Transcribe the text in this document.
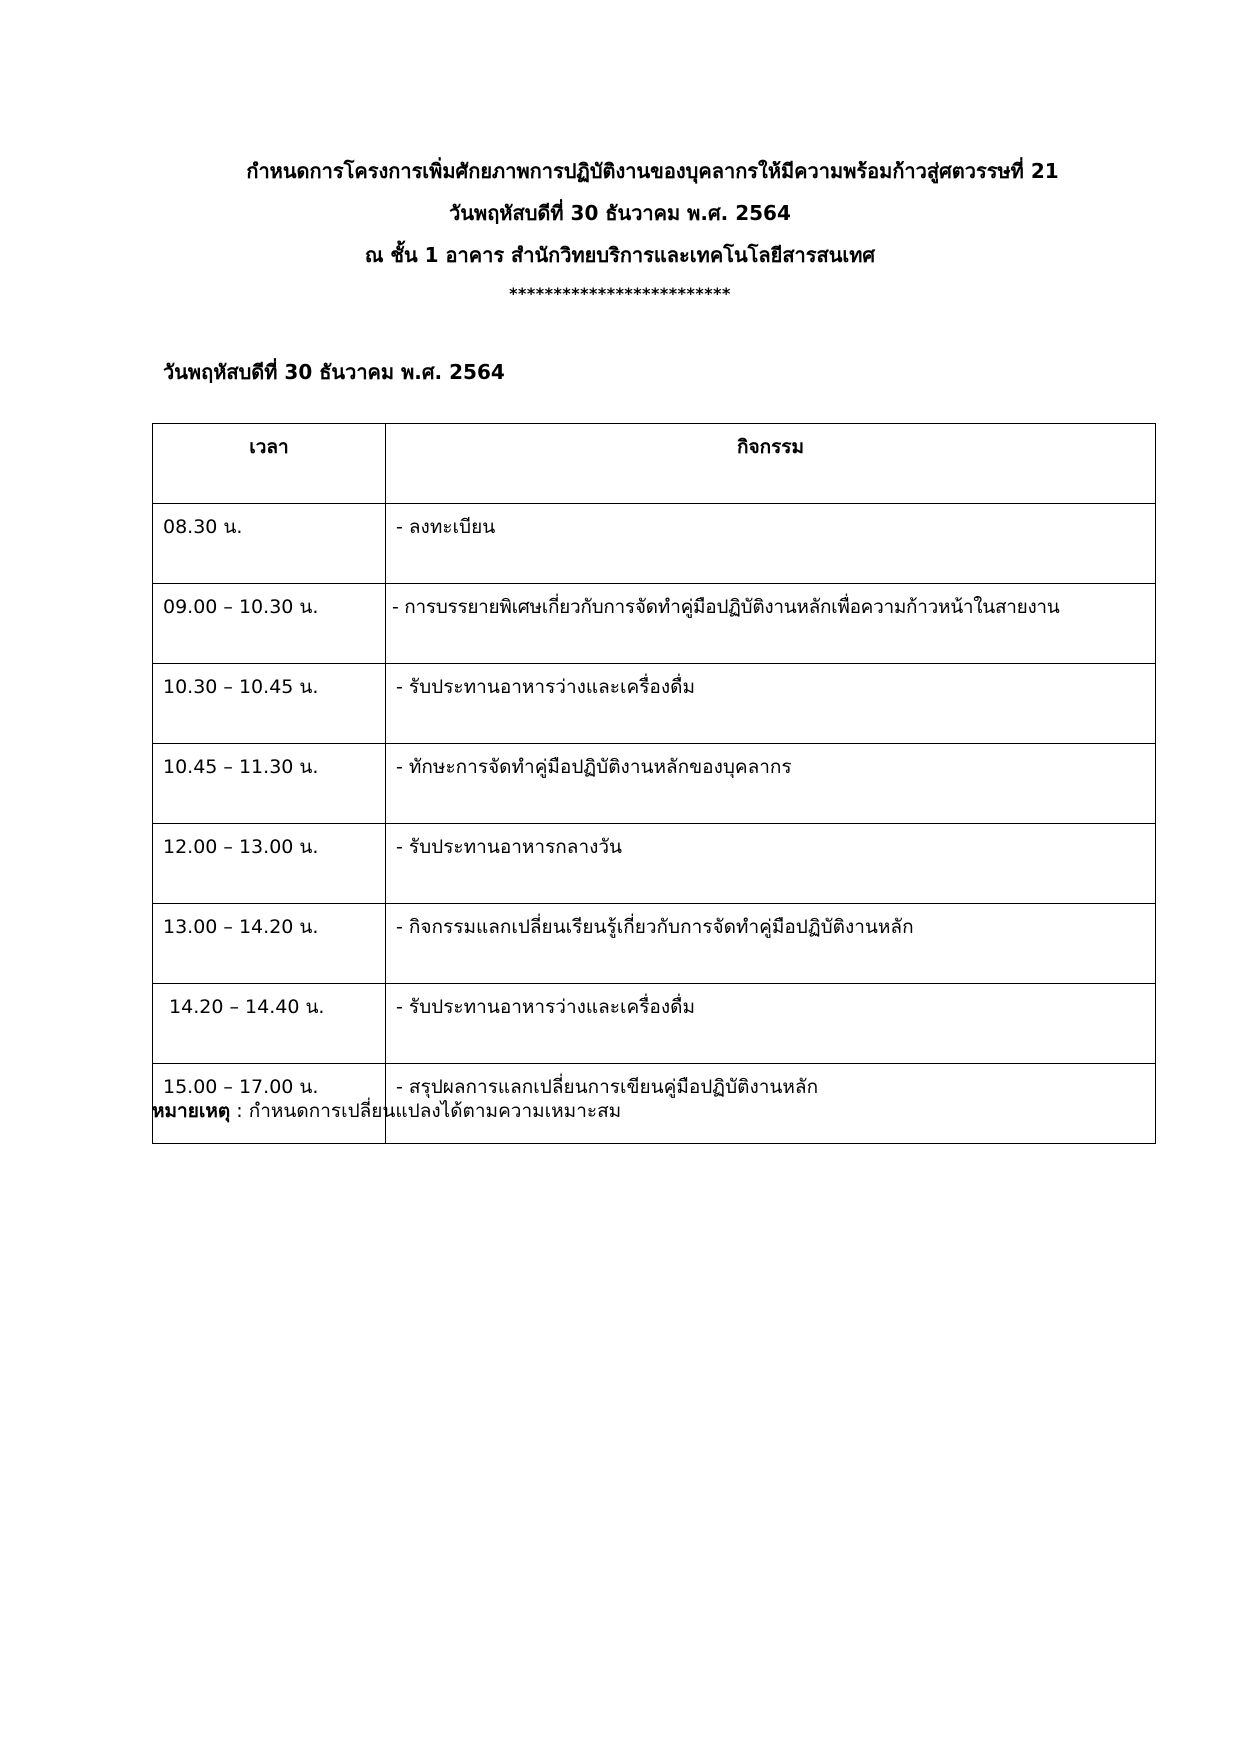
กำหนดการโครงการเพิ่มศักยภาพการปฏิบัติงานของบุคลากรให้มีความพร้อมก้าวสู่ศตวรรษที่ 21
วันพฤหัสบดีที่ 30 ธันวาคม พ.ศ. 2564
ณ ชั้น 1 อาคาร สำนักวิทยบริการและเทคโนโลยีสารสนเทศ
*************************
วันพฤหัสบดีที่ 30 ธันวาคม พ.ศ. 2564
เวลา	กิจกรรม
08.30 น.	- ลงทะเบียน
09.00 – 10.30 น.	- การบรรยายพิเศษเกี่ยวกับการจัดทำคู่มือปฏิบัติงานหลักเพื่อความก้าวหน้าในสายงาน
10.30 – 10.45 น.	- รับประทานอาหารว่างและเครื่องดื่ม
10.45 – 11.30 น.	- ทักษะการจัดทำคู่มือปฏิบัติงานหลักของบุคลากร
12.00 – 13.00 น.	- รับประทานอาหารกลางวัน
13.00 – 14.20 น.	- กิจกรรมแลกเปลี่ยนเรียนรู้เกี่ยวกับการจัดทำคู่มือปฏิบัติงานหลัก
14.20 – 14.40 น.	- รับประทานอาหารว่างและเครื่องดื่ม
15.00 – 17.00 น.	- สรุปผลการแลกเปลี่ยนการเขียนคู่มือปฏิบัติงานหลัก
หมายเหตุ : กำหนดการเปลี่ยนแปลงได้ตามความเหมาะสม
